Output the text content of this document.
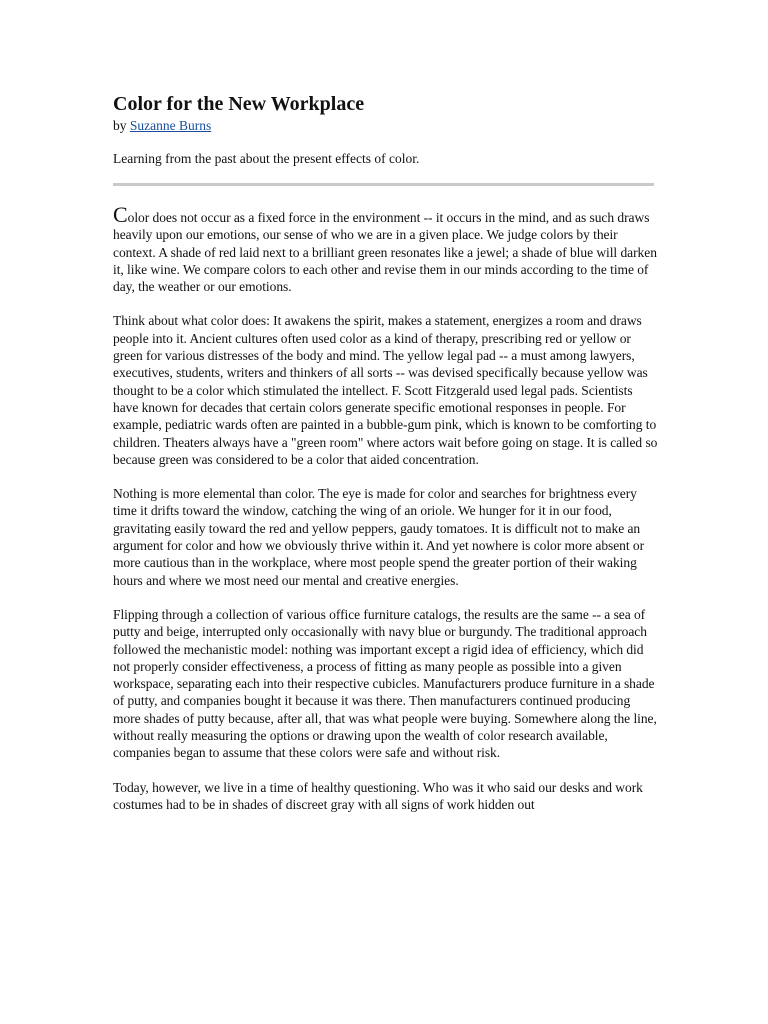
Color for the New Workplace
by Suzanne Burns
Learning from the past about the present effects of color.

Color does not occur as a fixed force in the environment -- it occurs in the mind, and as such draws heavily upon our emotions, our sense of who we are in a given place. We judge colors by their context. A shade of red laid next to a brilliant green resonates like a jewel; a shade of blue will darken it, like wine. We compare colors to each other and revise them in our minds according to the time of day, the weather or our emotions.

Think about what color does: It awakens the spirit, makes a statement, energizes a room and draws people into it. Ancient cultures often used color as a kind of therapy, prescribing red or yellow or green for various distresses of the body and mind. The yellow legal pad -- a must among lawyers, executives, students, writers and thinkers of all sorts -- was devised specifically because yellow was thought to be a color which stimulated the intellect. F. Scott Fitzgerald used legal pads. Scientists have known for decades that certain colors generate specific emotional responses in people. For example, pediatric wards often are painted in a bubble-gum pink, which is known to be comforting to children. Theaters always have a "green room" where actors wait before going on stage. It is called so because green was considered to be a color that aided concentration.

Nothing is more elemental than color. The eye is made for color and searches for brightness every time it drifts toward the window, catching the wing of an oriole. We hunger for it in our food, gravitating easily toward the red and yellow peppers, gaudy tomatoes. It is difficult not to make an argument for color and how we obviously thrive within it. And yet nowhere is color more absent or more cautious than in the workplace, where most people spend the greater portion of their waking hours and where we most need our mental and creative energies.

Flipping through a collection of various office furniture catalogs, the results are the same -- a sea of putty and beige, interrupted only occasionally with navy blue or burgundy. The traditional approach followed the mechanistic model: nothing was important except a rigid idea of efficiency, which did not properly consider effectiveness, a process of fitting as many people as possible into a given workspace, separating each into their respective cubicles. Manufacturers produce furniture in a shade of putty, and companies bought it because it was there. Then manufacturers continued producing more shades of putty because, after all, that was what people were buying. Somewhere along the line, without really measuring the options or drawing upon the wealth of color research available, companies began to assume that these colors were safe and without risk.

Today, however, we live in a time of healthy questioning. Who was it who said our desks and work costumes had to be in shades of discreet gray with all signs of work hidden out
